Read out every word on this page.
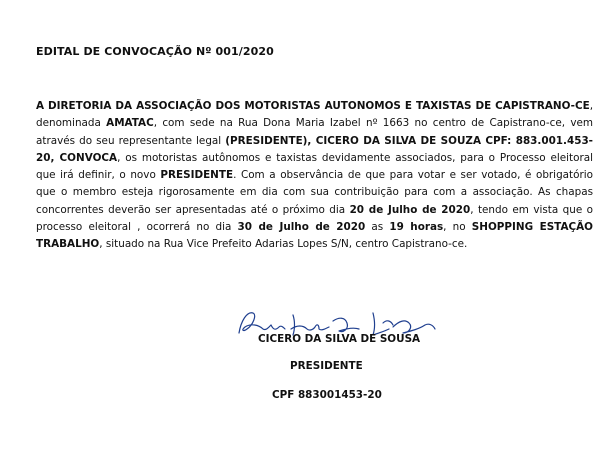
EDITAL DE CONVOCAÇÃO Nº 001/2020

A DIRETORIA DA ASSOCIAÇÃO DOS MOTORISTAS AUTONOMOS E TAXISTAS DE CAPISTRANO-CE, denominada AMATAC, com sede na Rua Dona Maria Izabel nº 1663 no centro de Capistrano-ce, vem através do seu representante legal (PRESIDENTE), CICERO DA SILVA DE SOUZA CPF: 883.001.453-20, CONVOCA, os motoristas autônomos e taxistas devidamente associados, para o Processo eleitoral que irá definir, o novo PRESIDENTE. Com a observância de que para votar e ser votado, é obrigatório que o membro esteja rigorosamente em dia com sua contribuição para com a associação. As chapas concorrentes deverão ser apresentadas até o próximo dia 20 de Julho de 2020, tendo em vista que o processo eleitoral , ocorrerá no dia 30 de Julho de 2020 as 19 horas, no SHOPPING ESTAÇÃO TRABALHO, situado na Rua Vice Prefeito Adarias Lopes S/N, centro Capistrano-ce.

CICERO DA SILVA DE SOUSA
PRESIDENTE
CPF 883001453-20
